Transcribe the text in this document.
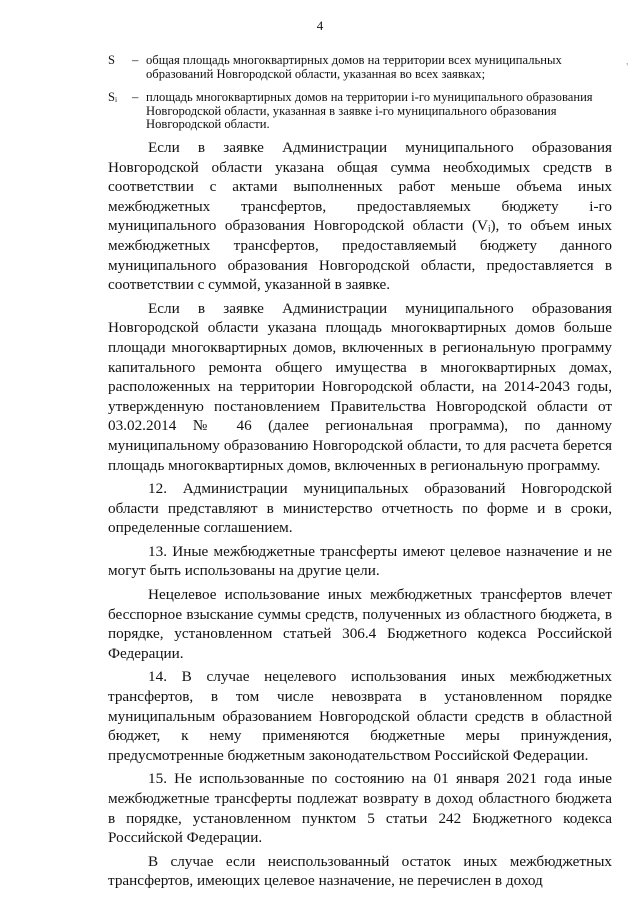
4
'
S	– общая площадь многоквартирных домов на территории всех муниципальных образований Новгородской области, указанная во всех заявках;
Sᵢ	– площадь многоквартирных домов на территории i-го муниципального образования Новгородской области, указанная в заявке i-го муниципального образования Новгородской области.

Если в заявке Администрации муниципального образования Новгородской области указана общая сумма необходимых средств в соответствии с актами выполненных работ меньше объема иных межбюджетных трансфертов, предоставляемых бюджету i-го муниципального образования Новгородской области (Vᵢ), то объем иных межбюджетных трансфертов, предоставляемый бюджету данного муниципального образования Новгородской области, предоставляется в соответствии с суммой, указанной в заявке.

Если в заявке Администрации муниципального образования Новгородской области указана площадь многоквартирных домов больше площади многоквартирных домов, включенных в региональную программу капитального ремонта общего имущества в многоквартирных домах, расположенных на территории Новгородской области, на 2014-2043 годы, утвержденную постановлением Правительства Новгородской области от 03.02.2014 № 46 (далее региональная программа), по данному муниципальному образованию Новгородской области, то для расчета берется площадь многоквартирных домов, включенных в региональную программу.

12. Администрации муниципальных образований Новгородской области представляют в министерство отчетность по форме и в сроки, определенные соглашением.

13. Иные межбюджетные трансферты имеют целевое назначение и не могут быть использованы на другие цели.

Нецелевое использование иных межбюджетных трансфертов влечет бесспорное взыскание суммы средств, полученных из областного бюджета, в порядке, установленном статьей 306.4 Бюджетного кодекса Российской Федерации.

14. В случае нецелевого использования иных межбюджетных трансфертов, в том числе невозврата в установленном порядке муниципальным образованием Новгородской области средств в областной бюджет, к нему применяются бюджетные меры принуждения, предусмотренные бюджетным законодательством Российской Федерации.

15. Не использованные по состоянию на 01 января 2021 года иные межбюджетные трансферты подлежат возврату в доход областного бюджета в порядке, установленном пунктом 5 статьи 242 Бюджетного кодекса Российской Федерации.

В случае если неиспользованный остаток иных межбюджетных трансфертов, имеющих целевое назначение, не перечислен в доход
